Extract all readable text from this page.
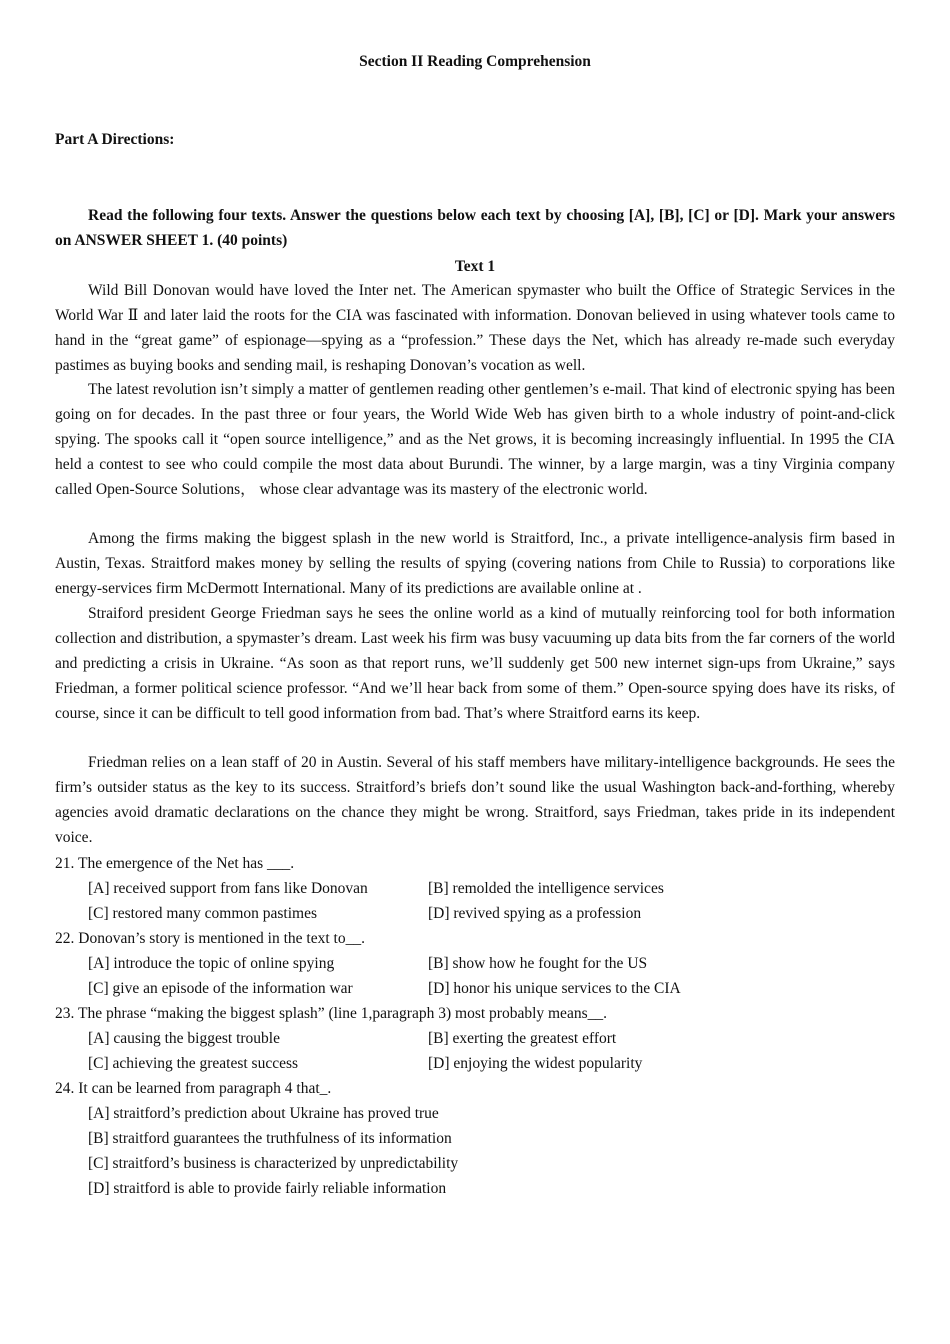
Section II Reading Comprehension
Part A Directions:
Read the following four texts. Answer the questions below each text by choosing [A], [B], [C] or [D]. Mark your answers on ANSWER SHEET 1. (40 points)
Text 1
Wild Bill Donovan would have loved the Inter net. The American spymaster who built the Office of Strategic Services in the World War Ⅱ and later laid the roots for the CIA was fascinated with information. Donovan believed in using whatever tools came to hand in the “great game” of espionage—spying as a “profession.” These days the Net, which has already re-made such everyday pastimes as buying books and sending mail, is reshaping Donovan’s vocation as well.
The latest revolution isn’t simply a matter of gentlemen reading other gentlemen’s e-mail. That kind of electronic spying has been going on for decades. In the past three or four years, the World Wide Web has given birth to a whole industry of point-and-click spying. The spooks call it “open source intelligence,” and as the Net grows, it is becoming increasingly influential. In 1995 the CIA held a contest to see who could compile the most data about Burundi. The winner, by a large margin, was a tiny Virginia company called Open-Source Solutions， whose clear advantage was its mastery of the electronic world.
Among the firms making the biggest splash in the new world is Straitford, Inc., a private intelligence-analysis firm based in Austin, Texas. Straitford makes money by selling the results of spying (covering nations from Chile to Russia) to corporations like energy-services firm McDermott International. Many of its predictions are available online at .
Straiford president George Friedman says he sees the online world as a kind of mutually reinforcing tool for both information collection and distribution, a spymaster’s dream. Last week his firm was busy vacuuming up data bits from the far corners of the world and predicting a crisis in Ukraine. “As soon as that report runs, we’ll suddenly get 500 new internet sign-ups from Ukraine,” says Friedman, a former political science professor. “And we’ll hear back from some of them.” Open-source spying does have its risks, of course, since it can be difficult to tell good information from bad. That’s where Straitford earns its keep.
Friedman relies on a lean staff of 20 in Austin. Several of his staff members have military-intelligence backgrounds. He sees the firm’s outsider status as the key to its success. Straitford’s briefs don’t sound like the usual Washington back-and-forthing, whereby agencies avoid dramatic declarations on the chance they might be wrong. Straitford, says Friedman, takes pride in its independent voice.
21. The emergence of the Net has ___.
[A] received support from fans like Donovan	[B] remolded the intelligence services
[C] restored many common pastimes	[D] revived spying as a profession
22. Donovan’s story is mentioned in the text to__.
[A] introduce the topic of online spying	[B] show how he fought for the US
[C] give an episode of the information war	[D] honor his unique services to the CIA
23. The phrase “making the biggest splash” (line 1,paragraph 3) most probably means__.
[A] causing the biggest trouble	[B] exerting the greatest effort
[C] achieving the greatest success	[D] enjoying the widest popularity
24. It can be learned from paragraph 4 that_.
[A] straitford’s prediction about Ukraine has proved true
[B] straitford guarantees the truthfulness of its information
[C] straitford’s business is characterized by unpredictability
[D] straitford is able to provide fairly reliable information
